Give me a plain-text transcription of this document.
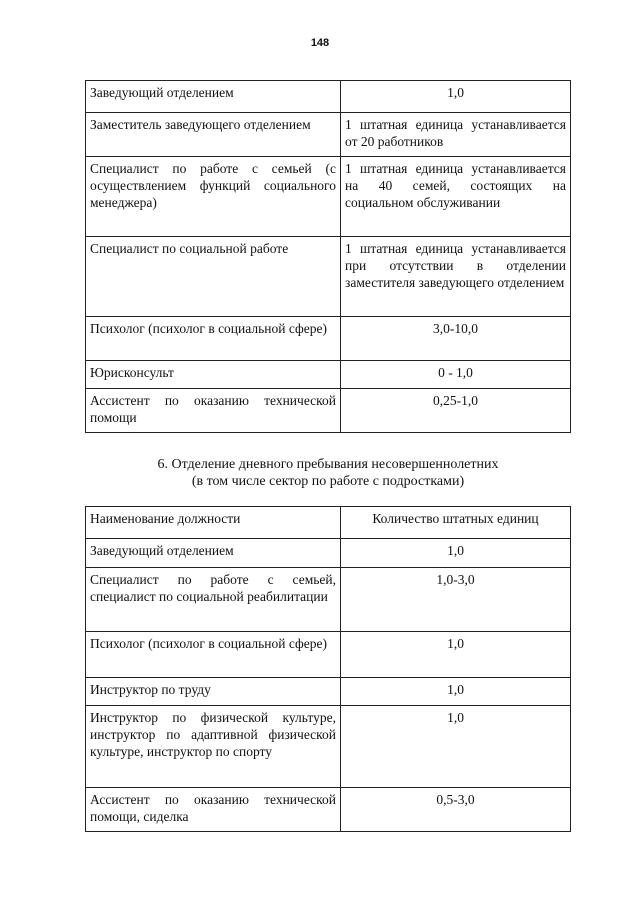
148
Заведующий отделением	1,0
Заместитель заведующего отделением	1 штатная единица устанавливается от 20 работников
Специалист по работе с семьей (с осуществлением функций социального менеджера)	1 штатная единица устанавливается на 40 семей, состоящих на социальном обслуживании
Специалист по социальной работе	1 штатная единица устанавливается при отсутствии в отделении заместителя заведующего отделением
Психолог (психолог в социальной сфере)	3,0-10,0
Юрисконсульт	0 - 1,0
Ассистент по оказанию технической помощи	0,25-1,0
6. Отделение дневного пребывания несовершеннолетних
(в том числе сектор по работе с подростками)
Наименование должности	Количество штатных единиц
Заведующий отделением	1,0
Специалист по работе с семьей, специалист по социальной реабилитации	1,0-3,0
Психолог (психолог в социальной сфере)	1,0
Инструктор по труду	1,0
Инструктор по физической культуре, инструктор по адаптивной физической культуре, инструктор по спорту	1,0
Ассистент по оказанию технической помощи, сиделка	0,5-3,0
